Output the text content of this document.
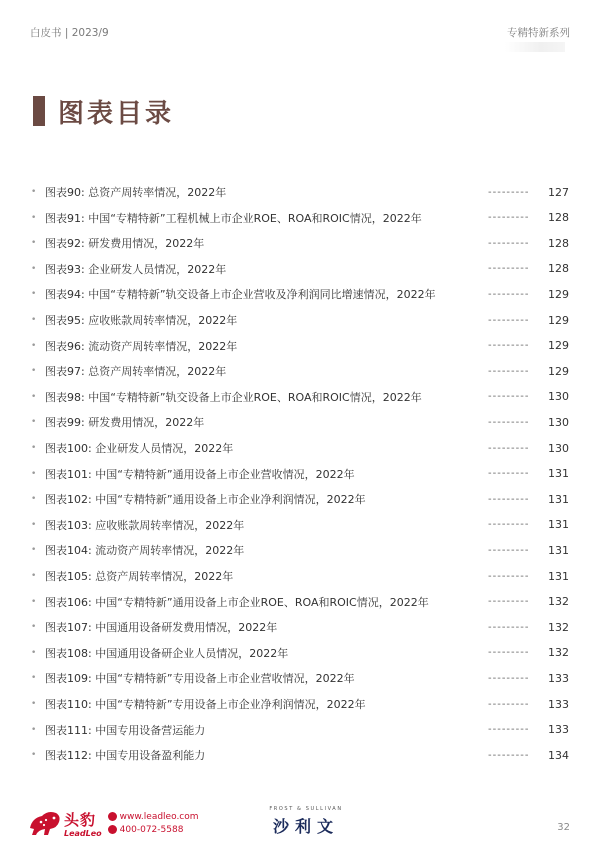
白皮书 | 2023/9	专精特新系列
图表目录
• 图表90: 总资产周转率情况，2022年	--------- 127
• 图表91: 中国“专精特新”工程机械上市企业ROE、ROA和ROIC情况，2022年	--------- 128
• 图表92: 研发费用情况，2022年	--------- 128
• 图表93: 企业研发人员情况，2022年	--------- 128
• 图表94: 中国“专精特新”轨交设备上市企业营收及净利润同比增速情况，2022年	--------- 129
• 图表95: 应收账款周转率情况，2022年	--------- 129
• 图表96: 流动资产周转率情况，2022年	--------- 129
• 图表97: 总资产周转率情况，2022年	--------- 129
• 图表98: 中国“专精特新”轨交设备上市企业ROE、ROA和ROIC情况，2022年	--------- 130
• 图表99: 研发费用情况，2022年	--------- 130
• 图表100: 企业研发人员情况，2022年	--------- 130
• 图表101: 中国“专精特新”通用设备上市企业营收情况，2022年	--------- 131
• 图表102: 中国“专精特新”通用设备上市企业净利润情况，2022年	--------- 131
• 图表103: 应收账款周转率情况，2022年	--------- 131
• 图表104: 流动资产周转率情况，2022年	--------- 131
• 图表105: 总资产周转率情况，2022年	--------- 131
• 图表106: 中国“专精特新”通用设备上市企业ROE、ROA和ROIC情况，2022年	--------- 132
• 图表107: 中国通用设备研发费用情况，2022年	--------- 132
• 图表108: 中国通用设备研企业人员情况，2022年	--------- 132
• 图表109: 中国“专精特新”专用设备上市企业营收情况，2022年	--------- 133
• 图表110: 中国“专精特新”专用设备上市企业净利润情况，2022年	--------- 133
• 图表111: 中国专用设备营运能力	--------- 133
• 图表112: 中国专用设备盈利能力	--------- 134
头豹
LeadLeo
www.leadleo.com
400-072-5588
FROST & SULLIVAN
沙利文	32
